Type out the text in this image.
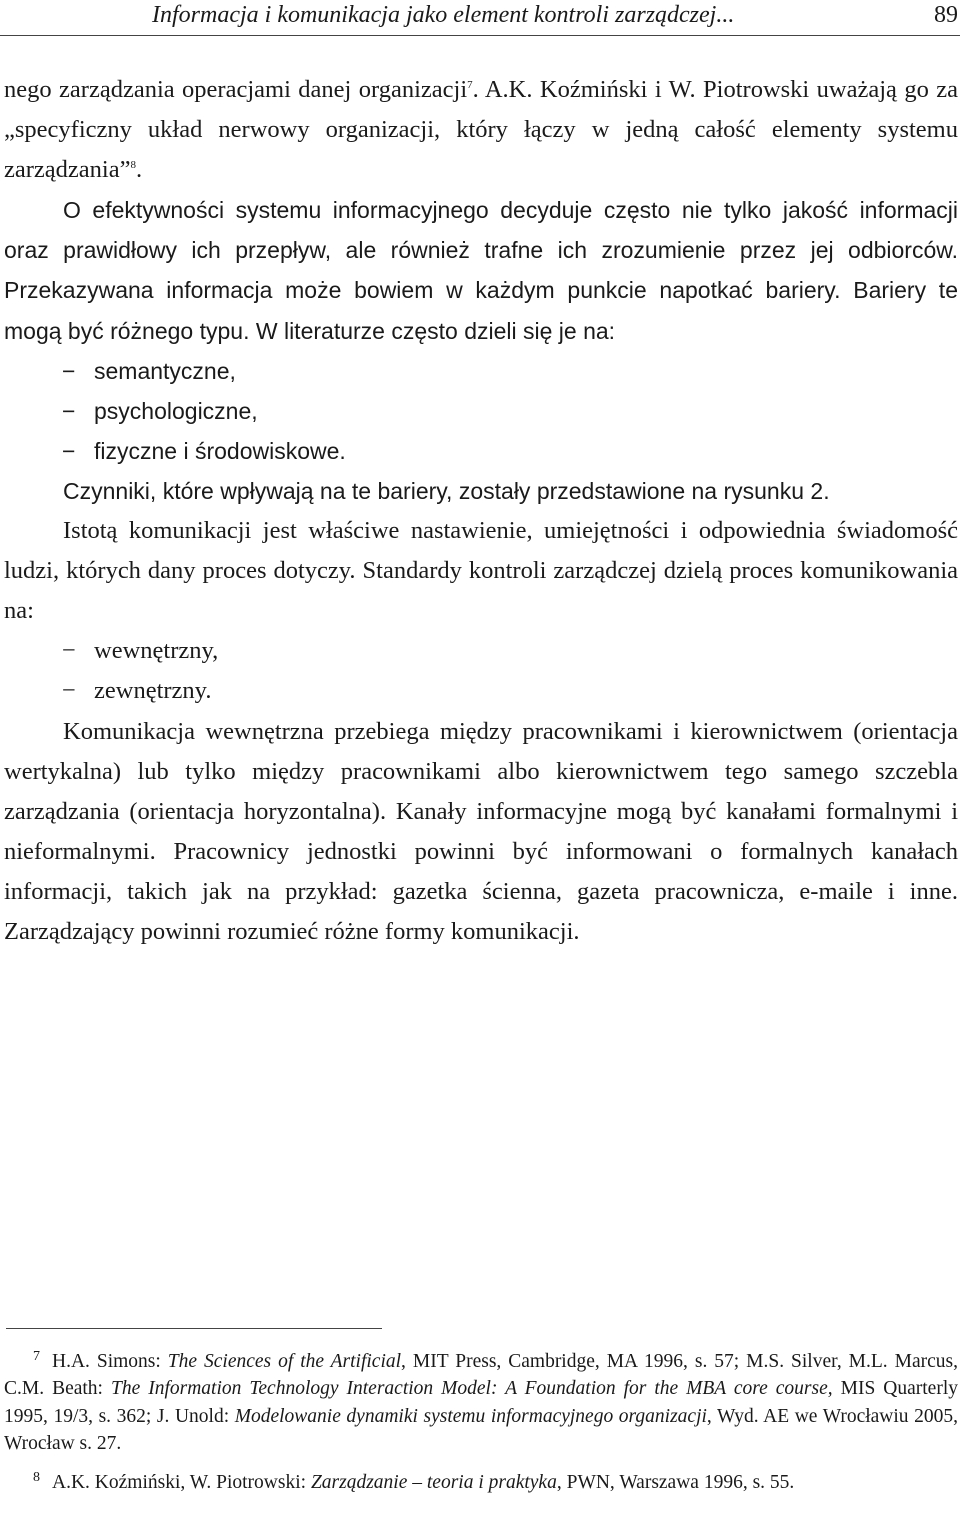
Informacja i komunikacja jako element kontroli zarządczej...	89

nego zarządzania operacjami danej organizacji$^7$. A.K. Koźmiński i W. Piotrowski uważają go za „specyficzny układ nerwowy organizacji, który łączy w jedną całość elementy systemu zarządzania”$^8$.

O efektywności systemu informacyjnego decyduje często nie tylko jakość informacji oraz prawidłowy ich przepływ, ale również trafne ich zrozumienie przez jej odbiorców. Przekazywana informacja może bowiem w każdym punkcie napotkać bariery. Bariery te mogą być różnego typu. W literaturze często dzieli się je na:

− semantyczne,
− psychologiczne,
− fizyczne i środowiskowe.

Czynniki, które wpływają na te bariery, zostały przedstawione na rysunku 2.

Istotą komunikacji jest właściwe nastawienie, umiejętności i odpowiednia świadomość ludzi, których dany proces dotyczy. Standardy kontroli zarządczej dzielą proces komunikowania na:

− wewnętrzny,
− zewnętrzny.

Komunikacja wewnętrzna przebiega między pracownikami i kierownictwem (orientacja wertykalna) lub tylko między pracownikami albo kierownictwem tego samego szczebla zarządzania (orientacja horyzontalna). Kanały informacyjne mogą być kanałami formalnymi i nieformalnymi. Pracownicy jednostki powinni być informowani o formalnych kanałach informacji, takich jak na przykład: gazetka ścienna, gazeta pracownicza, e-maile i inne. Zarządzający powinni rozumieć różne formy komunikacji.

$^7$ H.A. Simons: The Sciences of the Artificial, MIT Press, Cambridge, MA 1996, s. 57; M.S. Silver, M.L. Marcus, C.M. Beath: The Information Technology Interaction Model: A Foundation for the MBA core course, MIS Quarterly 1995, 19/3, s. 362; J. Unold: Modelowanie dynamiki systemu informacyjnego organizacji, Wyd. AE we Wrocławiu 2005, Wrocław s. 27.

$^8$ A.K. Koźmiński, W. Piotrowski: Zarządzanie – teoria i praktyka, PWN, Warszawa 1996, s. 55.
